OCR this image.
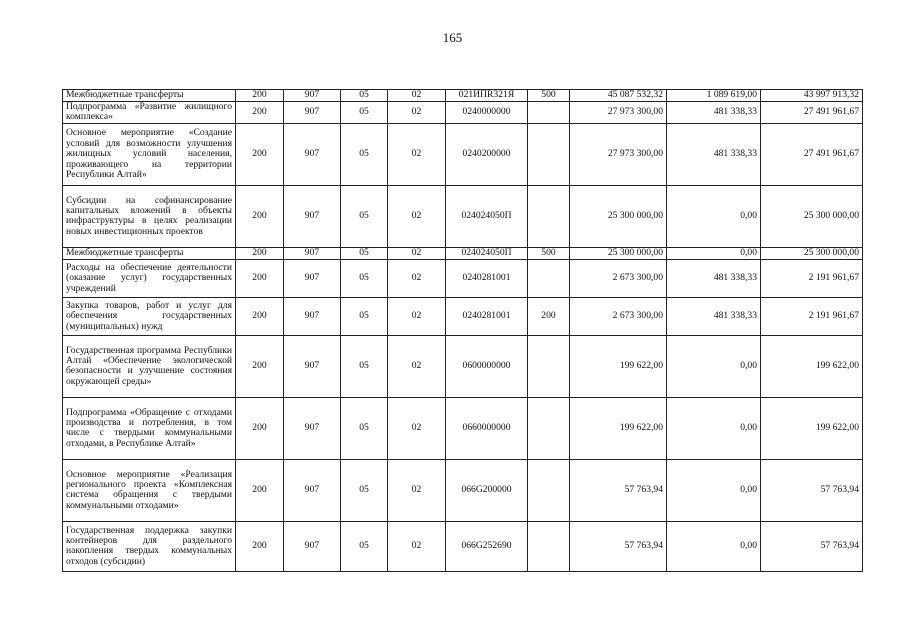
165
Межбюджетные трансферты	200	907	05	02	021ИПR321Я	500	45 087 532,32	1 089 619,00	43 997 913,32
Подпрограмма «Развитие жилищного комплекса»	200	907	05	02	0240000000		27 973 300,00	481 338,33	27 491 961,67
Основное мероприятие «Создание условий для возможности улучшения жилищных условий населения, проживающего на территории Республики Алтай»	200	907	05	02	0240200000		27 973 300,00	481 338,33	27 491 961,67
Субсидии на софинансирование капитальных вложений в объекты инфраструктуры в целях реализации новых инвестиционных проектов	200	907	05	02	024024050П		25 300 000,00	0,00	25 300 000,00
Межбюджетные трансферты	200	907	05	02	024024050П	500	25 300 000,00	0,00	25 300 000,00
Расходы на обеспечение деятельности (оказание услуг) государственных учреждений	200	907	05	02	0240281001		2 673 300,00	481 338,33	2 191 961,67
Закупка товаров, работ и услуг для обеспечения государственных (муниципальных) нужд	200	907	05	02	0240281001	200	2 673 300,00	481 338,33	2 191 961,67
Государственная программа Республики Алтай «Обеспечение экологической безопасности и улучшение состояния окружающей среды»	200	907	05	02	0600000000		199 622,00	0,00	199 622,00
Подпрограмма «Обращение с отходами производства и потребления, в том числе с твердыми коммунальными отходами, в Республике Алтай»	200	907	05	02	0660000000		199 622,00	0,00	199 622,00
Основное мероприятие «Реализация регионального проекта «Комплексная система обращения с твердыми коммунальными отходами»	200	907	05	02	066G200000		57 763,94	0,00	57 763,94
Государственная поддержка закупки контейнеров для раздельного накопления твердых коммунальных отходов (субсидии)	200	907	05	02	066G252690		57 763,94	0,00	57 763,94
